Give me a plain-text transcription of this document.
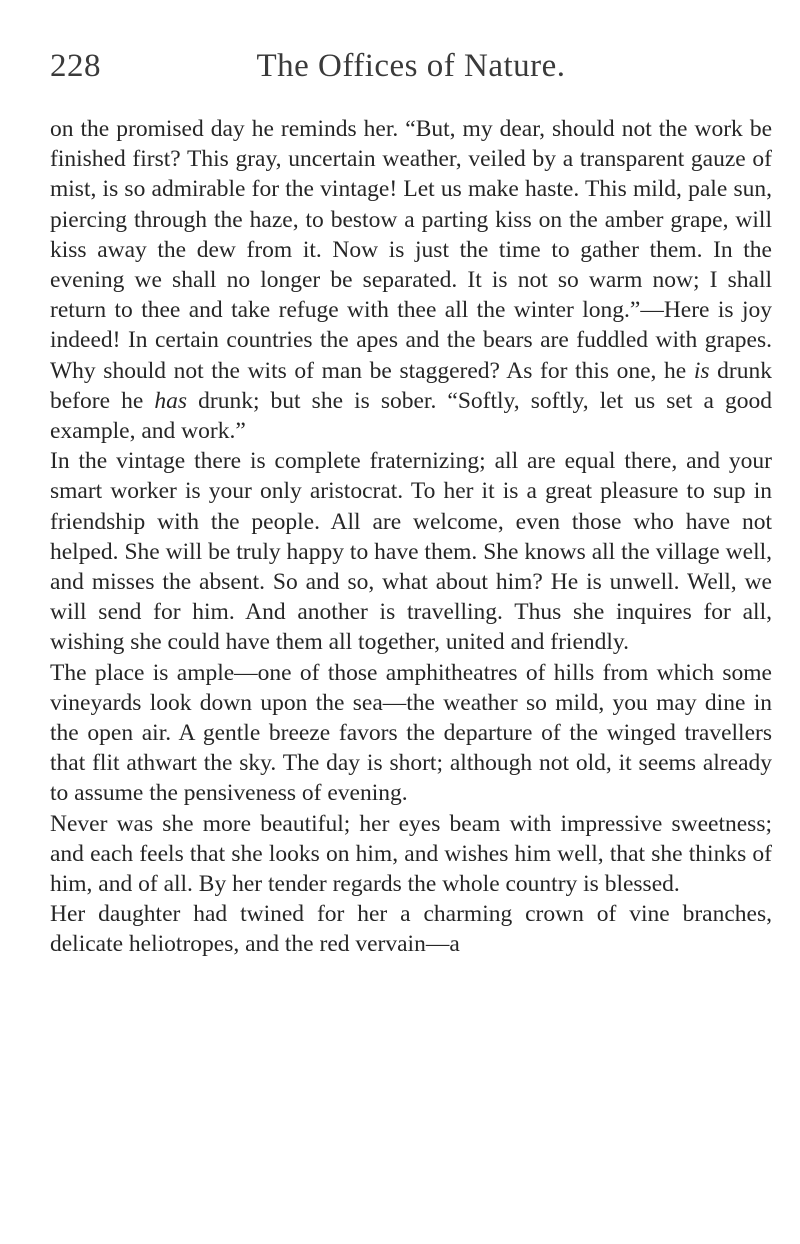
228	The Offices of Nature.

on the promised day he reminds her. “But, my dear, should not the work be finished first? This gray, uncertain weather, veiled by a transparent gauze of mist, is so admirable for the vintage! Let us make haste. This mild, pale sun, piercing through the haze, to bestow a parting kiss on the amber grape, will kiss away the dew from it. Now is just the time to gather them. In the evening we shall no longer be separated. It is not so warm now; I shall return to thee and take refuge with thee all the winter long.”—Here is joy indeed! In certain countries the apes and the bears are fuddled with grapes. Why should not the wits of man be staggered? As for this one, he is drunk before he has drunk; but she is sober. “Softly, softly, let us set a good example, and work.”

In the vintage there is complete fraternizing; all are equal there, and your smart worker is your only aristocrat. To her it is a great pleasure to sup in friendship with the people. All are welcome, even those who have not helped. She will be truly happy to have them. She knows all the village well, and misses the absent. So and so, what about him? He is unwell. Well, we will send for him. And another is travelling. Thus she inquires for all, wishing she could have them all together, united and friendly.

The place is ample—one of those amphitheatres of hills from which some vineyards look down upon the sea—the weather so mild, you may dine in the open air. A gentle breeze favors the departure of the winged travellers that flit athwart the sky. The day is short; although not old, it seems already to assume the pensiveness of evening.

Never was she more beautiful; her eyes beam with impressive sweetness; and each feels that she looks on him, and wishes him well, that she thinks of him, and of all. By her tender regards the whole country is blessed.

Her daughter had twined for her a charming crown of vine branches, delicate heliotropes, and the red vervain—a
